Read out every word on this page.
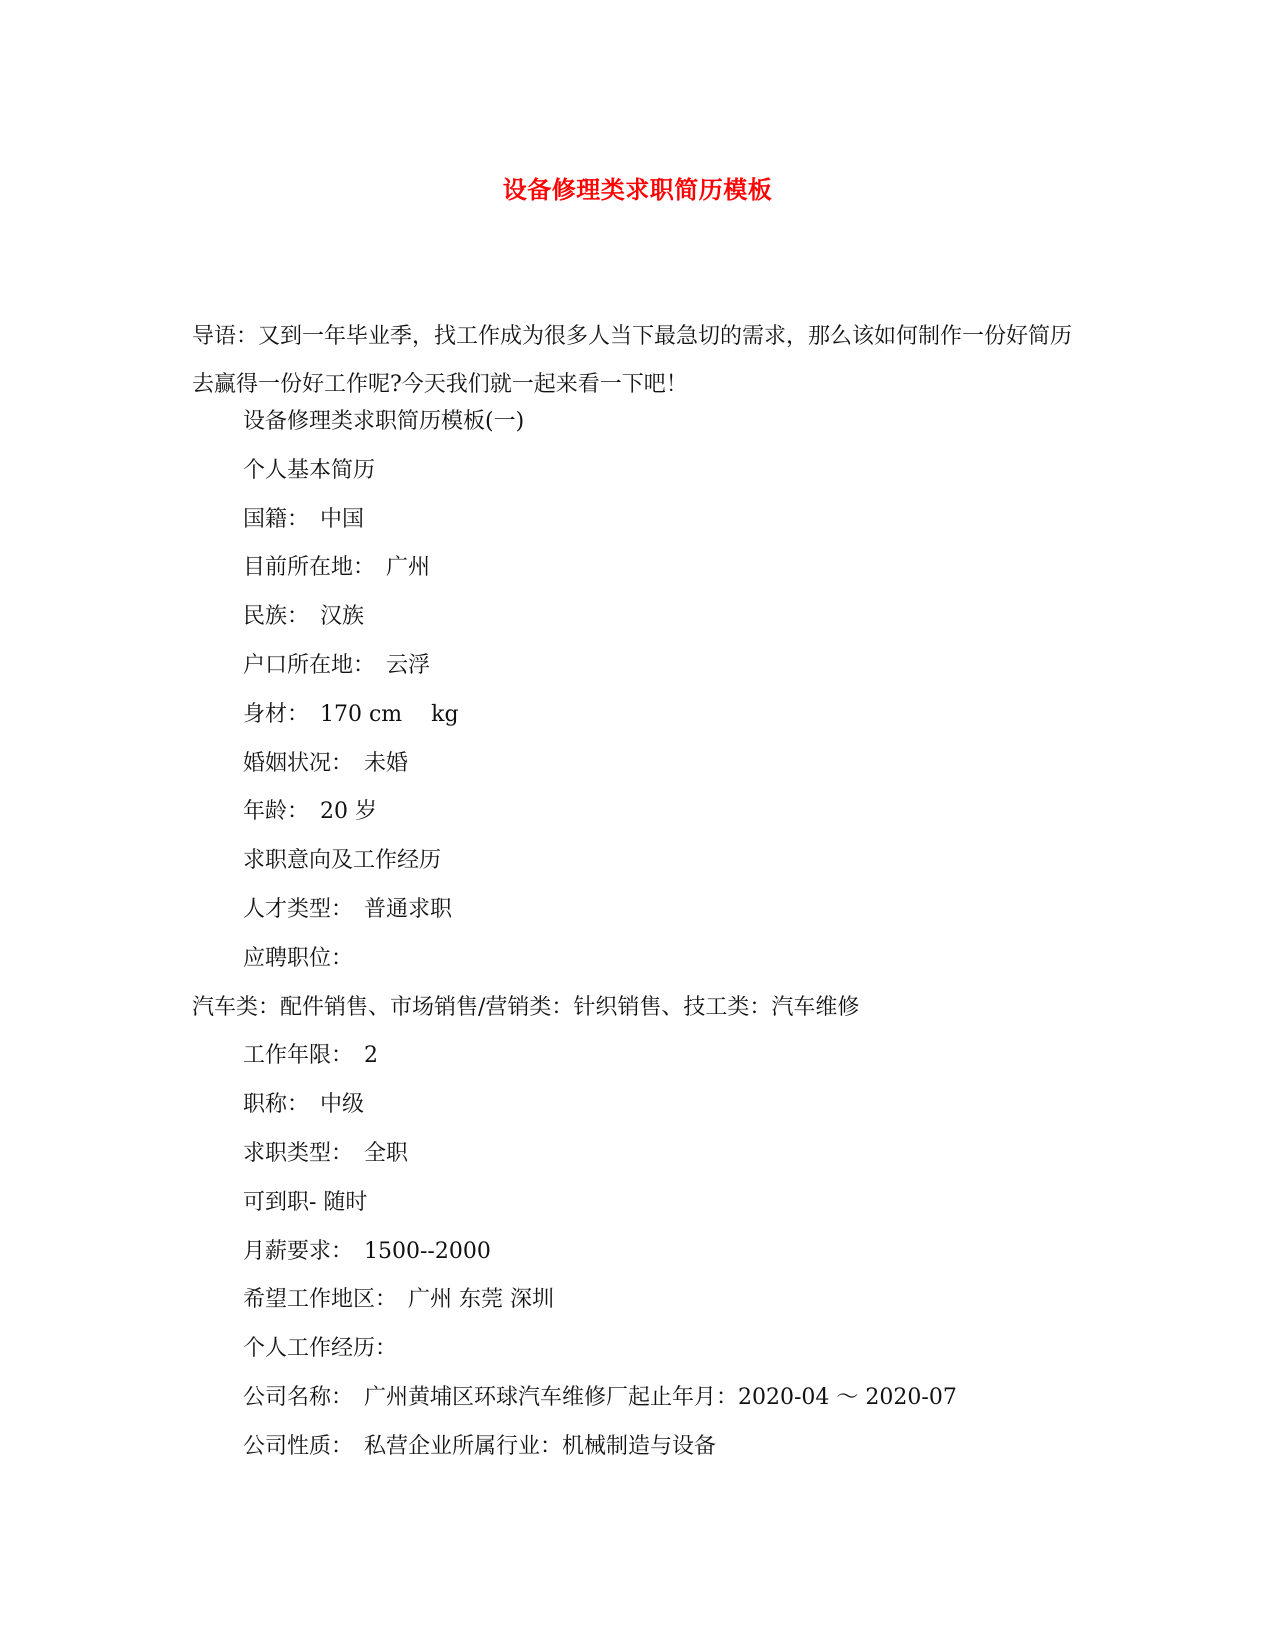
设备修理类求职简历模板
导语：又到一年毕业季，找工作成为很多人当下最急切的需求，那么该如何制作一份好简历去赢得一份好工作呢?今天我们就一起来看一下吧！
设备修理类求职简历模板(一)
个人基本简历
国籍：　中国
目前所在地：　广州
民族：　汉族
户口所在地：　云浮
身材：　170 cm　 kg
婚姻状况：　未婚
年龄：　20 岁
求职意向及工作经历
人才类型：　普通求职
应聘职位：
汽车类：配件销售、市场销售/营销类：针织销售、技工类：汽车维修
工作年限：　2
职称：　中级
求职类型：　全职
可到职- 随时
月薪要求：　1500--2000
希望工作地区：　广州 东莞 深圳
个人工作经历：
公司名称：　广州黄埔区环球汽车维修厂起止年月：2020-04 ～ 2020-07
公司性质：　私营企业所属行业：机械制造与设备
